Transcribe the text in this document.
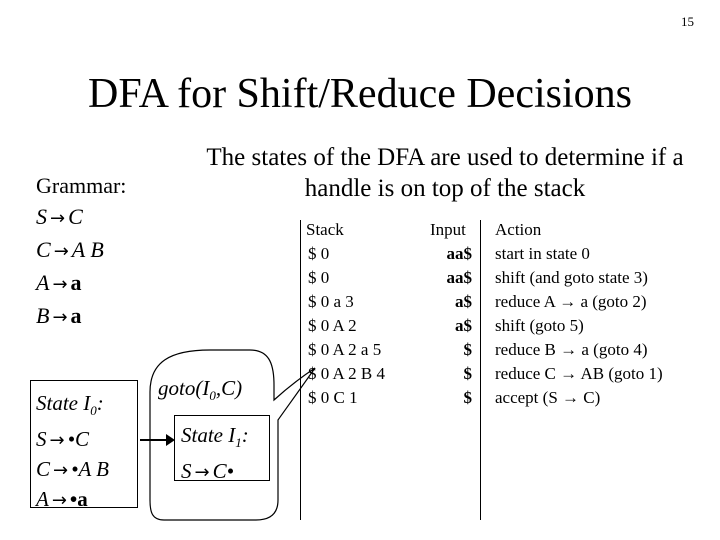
15
DFA for Shift/Reduce Decisions
The states of the DFA are used to determine if a handle is on top of the stack
Grammar:
S → C
C → A B
A → a
B → a
State $I_0$:
S → •C
C → •A B
A → •a
$goto(I_0,C)$
State $I_1$:
S → C•
Stack	Input Action
$ 0	aa$ start in state 0
$ 0	aa$ shift (and goto state 3)
$ 0 a 3	a$ reduce A → a (goto 2)
$ 0 A 2	a$ shift (goto 5)
$ 0 A 2 a 5	$ reduce B → a (goto 4)
$ 0 A 2 B 4	$ reduce C → AB (goto 1)
$ 0 C 1	$ accept (S → C)
